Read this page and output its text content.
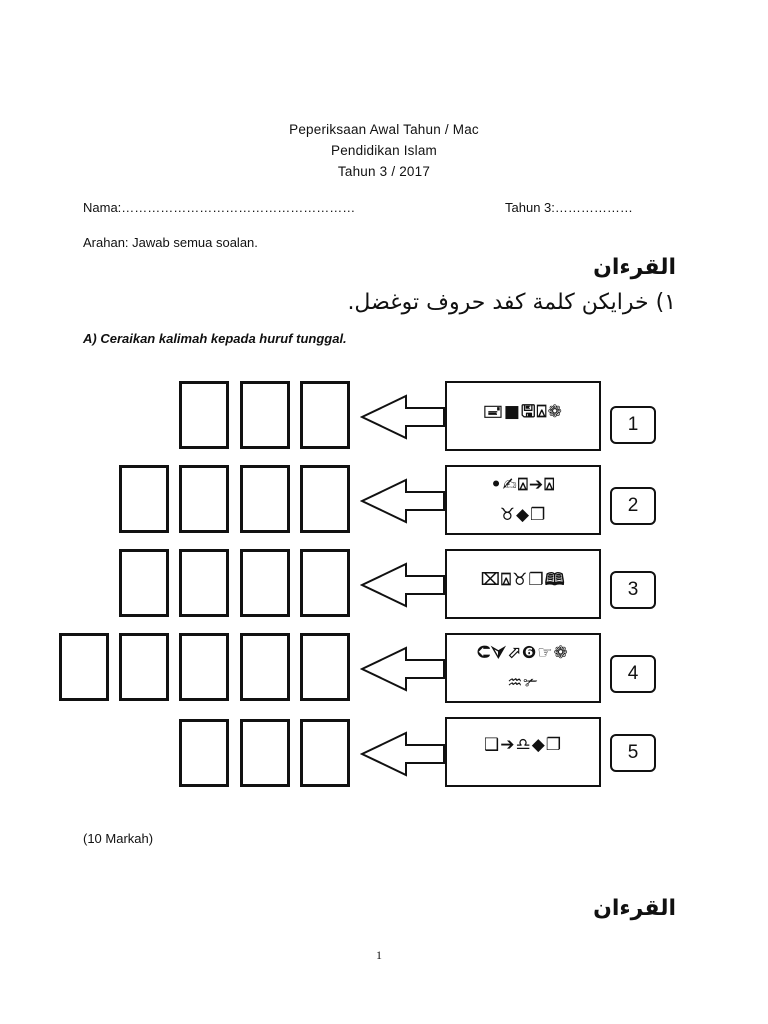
Peperiksaan Awal Tahun / Mac
Pendidikan Islam
Tahun 3 / 2017
Nama:………………………………………………	Tahun 3:………………
Arahan: Jawab semua soalan.
القرءان
١) خرايكن كلمة كفد حروف توغضل.
A) Ceraikan kalimah kepada huruf tunggal.
🖃■🖫⍓❁
1
•✍⍓➔⍓
♉◆❐	2
⌧⍓♉❐🕮	3
⮈⮛⬀❻☞❁
♒✃	4
❑➔♎◆❐	5
(10 Markah)
القرءان
1
